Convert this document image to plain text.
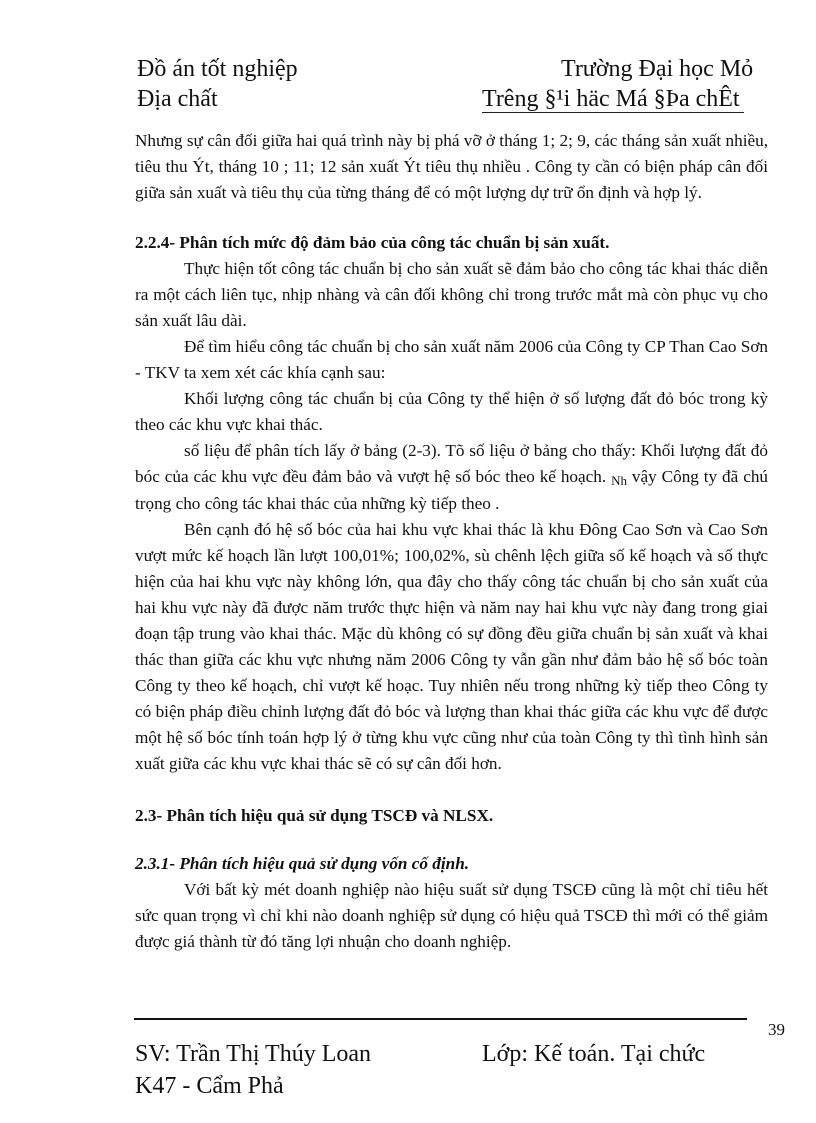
Đồ án tốt nghiệp	Trường Đại học Mỏ
Địa chất	Trêng §¹i häc Má §Þa chÊt

Nhưng sự cân đối giữa hai quá trình này bị phá vỡ ở tháng 1; 2; 9, các tháng sản xuất nhiều, tiêu thu Ýt, tháng 10 ; 11; 12 sản xuất Ýt tiêu thụ nhiều . Công ty cần có biện pháp cân đối giữa sản xuất và tiêu thụ của từng tháng để có một lượng dự trữ ổn định và hợp lý.

2.2.4- Phân tích mức độ đảm bảo của công tác chuẩn bị sản xuất.

Thực hiện tốt công tác chuẩn bị cho sản xuất sẽ đảm bảo cho công tác khai thác diễn ra một cách liên tục, nhịp nhàng và cân đối không chỉ trong trước mắt mà còn phục vụ cho sản xuất lâu dài.

Để tìm hiểu công tác chuẩn bị cho sản xuất năm 2006 của Công ty CP Than Cao Sơn - TKV ta xem xét các khía cạnh sau:

Khối lượng công tác chuẩn bị của Công ty thể hiện ở số lượng đất đỏ bóc trong kỳ theo các khu vực khai thác.

số liệu để phân tích lấy ở bảng (2-3). Tõ số liệu ở bảng cho thấy: Khối lượng đất đỏ bóc của các khu vực đều đảm bảo và vượt hệ số bóc theo kế hoạch. Nh vậy Công ty đã chú trọng cho công tác khai thác của những kỳ tiếp theo .

Bên cạnh đó hệ số bóc của hai khu vực khai thác là khu Đông Cao Sơn và Cao Sơn vượt mức kế hoạch lần lượt 100,01%; 100,02%, sù chênh lệch giữa số kế hoạch và số thực hiện của hai khu vực này không lớn, qua đây cho thấy công tác chuẩn bị cho sản xuất của hai khu vực này đã được năm trước thực hiện và năm nay hai khu vực này đang trong giai đoạn tập trung vào khai thác. Mặc dù không có sự đồng đều giữa chuẩn bị sản xuất và khai thác than giữa các khu vực nhưng năm 2006 Công ty vẫn gần như đảm bảo hệ số bóc toàn Công ty theo kế hoạch, chỉ vượt kế hoạc. Tuy nhiên nếu trong những kỳ tiếp theo Công ty có biện pháp điều chỉnh lượng đất đỏ bóc và lượng than khai thác giữa các khu vực để được một hệ số bóc tính toán hợp lý ở từng khu vực cũng như của toàn Công ty thì tình hình sản xuất giữa các khu vực khai thác sẽ có sự cân đối hơn.

2.3- Phân tích hiệu quả sử dụng TSCĐ và NLSX.

2.3.1- Phân tích hiệu quả sử dụng vốn cố định.

Với bất kỳ mét doanh nghiệp nào hiệu suất sử dụng TSCĐ cũng là một chỉ tiêu hết sức quan trọng vì chỉ khi nào doanh nghiệp sử dụng có hiệu quả TSCĐ thì mới có thể giảm được giá thành từ đó tăng lợi nhuận cho doanh nghiệp.

39
SV: Trần Thị Thúy Loan	Lớp: Kế toán. Tại chức
K47 - Cẩm Phả
